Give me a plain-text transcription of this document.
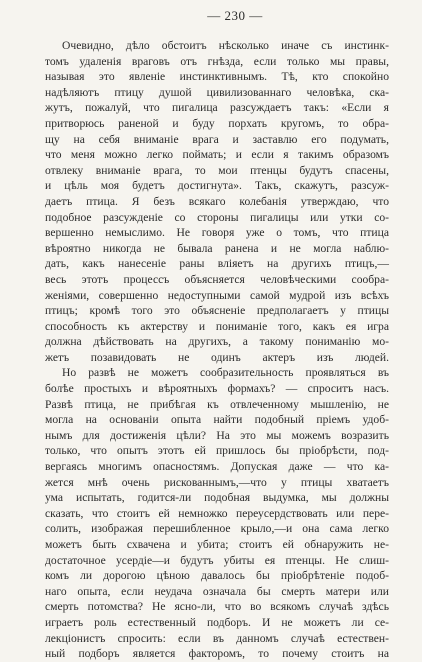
— 230 —
Очевидно, дѣло обстоитъ нѣсколько иначе съ инстинк-
томъ удаленія враговъ отъ гнѣзда, если только мы правы,
называя это явленіе инстинктивнымъ. Тѣ, кто спокойно
надѣляютъ птицу душой цивилизованнаго человѣка, ска-
жутъ, пожалуй, что пигалица разсуждаетъ такъ: «Если я
притворюсь раненой и буду порхать кругомъ, то обра-
щу на себя вниманіе врага и заставлю его подумать,
что меня можно легко поймать; и если я такимъ образомъ
отвлеку вниманіе врага, то мои птенцы будутъ спасены,
и цѣль моя будетъ достигнута». Такъ, скажутъ, разсуж-
даетъ птица. Я безъ всякаго колебанія утверждаю, что
подобное разсужденіе со стороны пигалицы или утки со-
вершенно немыслимо. Не говоря уже о томъ, что птица
вѣроятно никогда не бывала ранена и не могла наблю-
дать, какъ нанесеніе раны влiяетъ на другихъ птицъ,—
весь этотъ процессъ объясняется человѣческими сообра-
женіями, совершенно недоступными самой мудрой изъ всѣхъ
птицъ; кромѣ того это объясненіе предполагаетъ у птицы
способность къ актерству и пониманіе того, какъ ея игра
должна дѣйствовать на другихъ, а такому пониманію мо-
жетъ позавидовать не одинъ актеръ изъ людей.
Но развѣ не можетъ сообразительность проявляться въ
болѣе простыхъ и вѣроятныхъ формахъ? — спроситъ насъ.
Развѣ птица, не прибѣгая къ отвлеченному мышленію, не
могла на основаніи опыта найти подобный пріемъ удоб-
нымъ для достиженія цѣли? На это мы можемъ возразить
только, что опытъ этотъ ей пришлось бы пріобрѣсти, под-
вергаясь многимъ опасностямъ. Допуская даже — что ка-
жется мнѣ очень рискованнымъ,—что у птицы хватаетъ
ума испытать, годится-ли подобная выдумка, мы должны
сказать, что стоитъ ей немножко переусердствовать или пере-
солить, изображая перешибленное крыло,—и она сама легко
можетъ быть схвачена и убита; стоитъ ей обнаружить не-
достаточное усердіе—и будутъ убиты ея птенцы. Не слиш-
комъ ли дорогою цѣною давалось бы пріобрѣтеніе подоб-
наго опыта, если неудача означала бы смерть матери или
смерть потомства? Не ясно-ли, что во всякомъ случаѣ здѣсь
играетъ роль естественный подборъ. И не можетъ ли се-
лекціонистъ спросить: если въ данномъ случаѣ естествен-
ный подборъ является факторомъ, то почему стоитъ на
